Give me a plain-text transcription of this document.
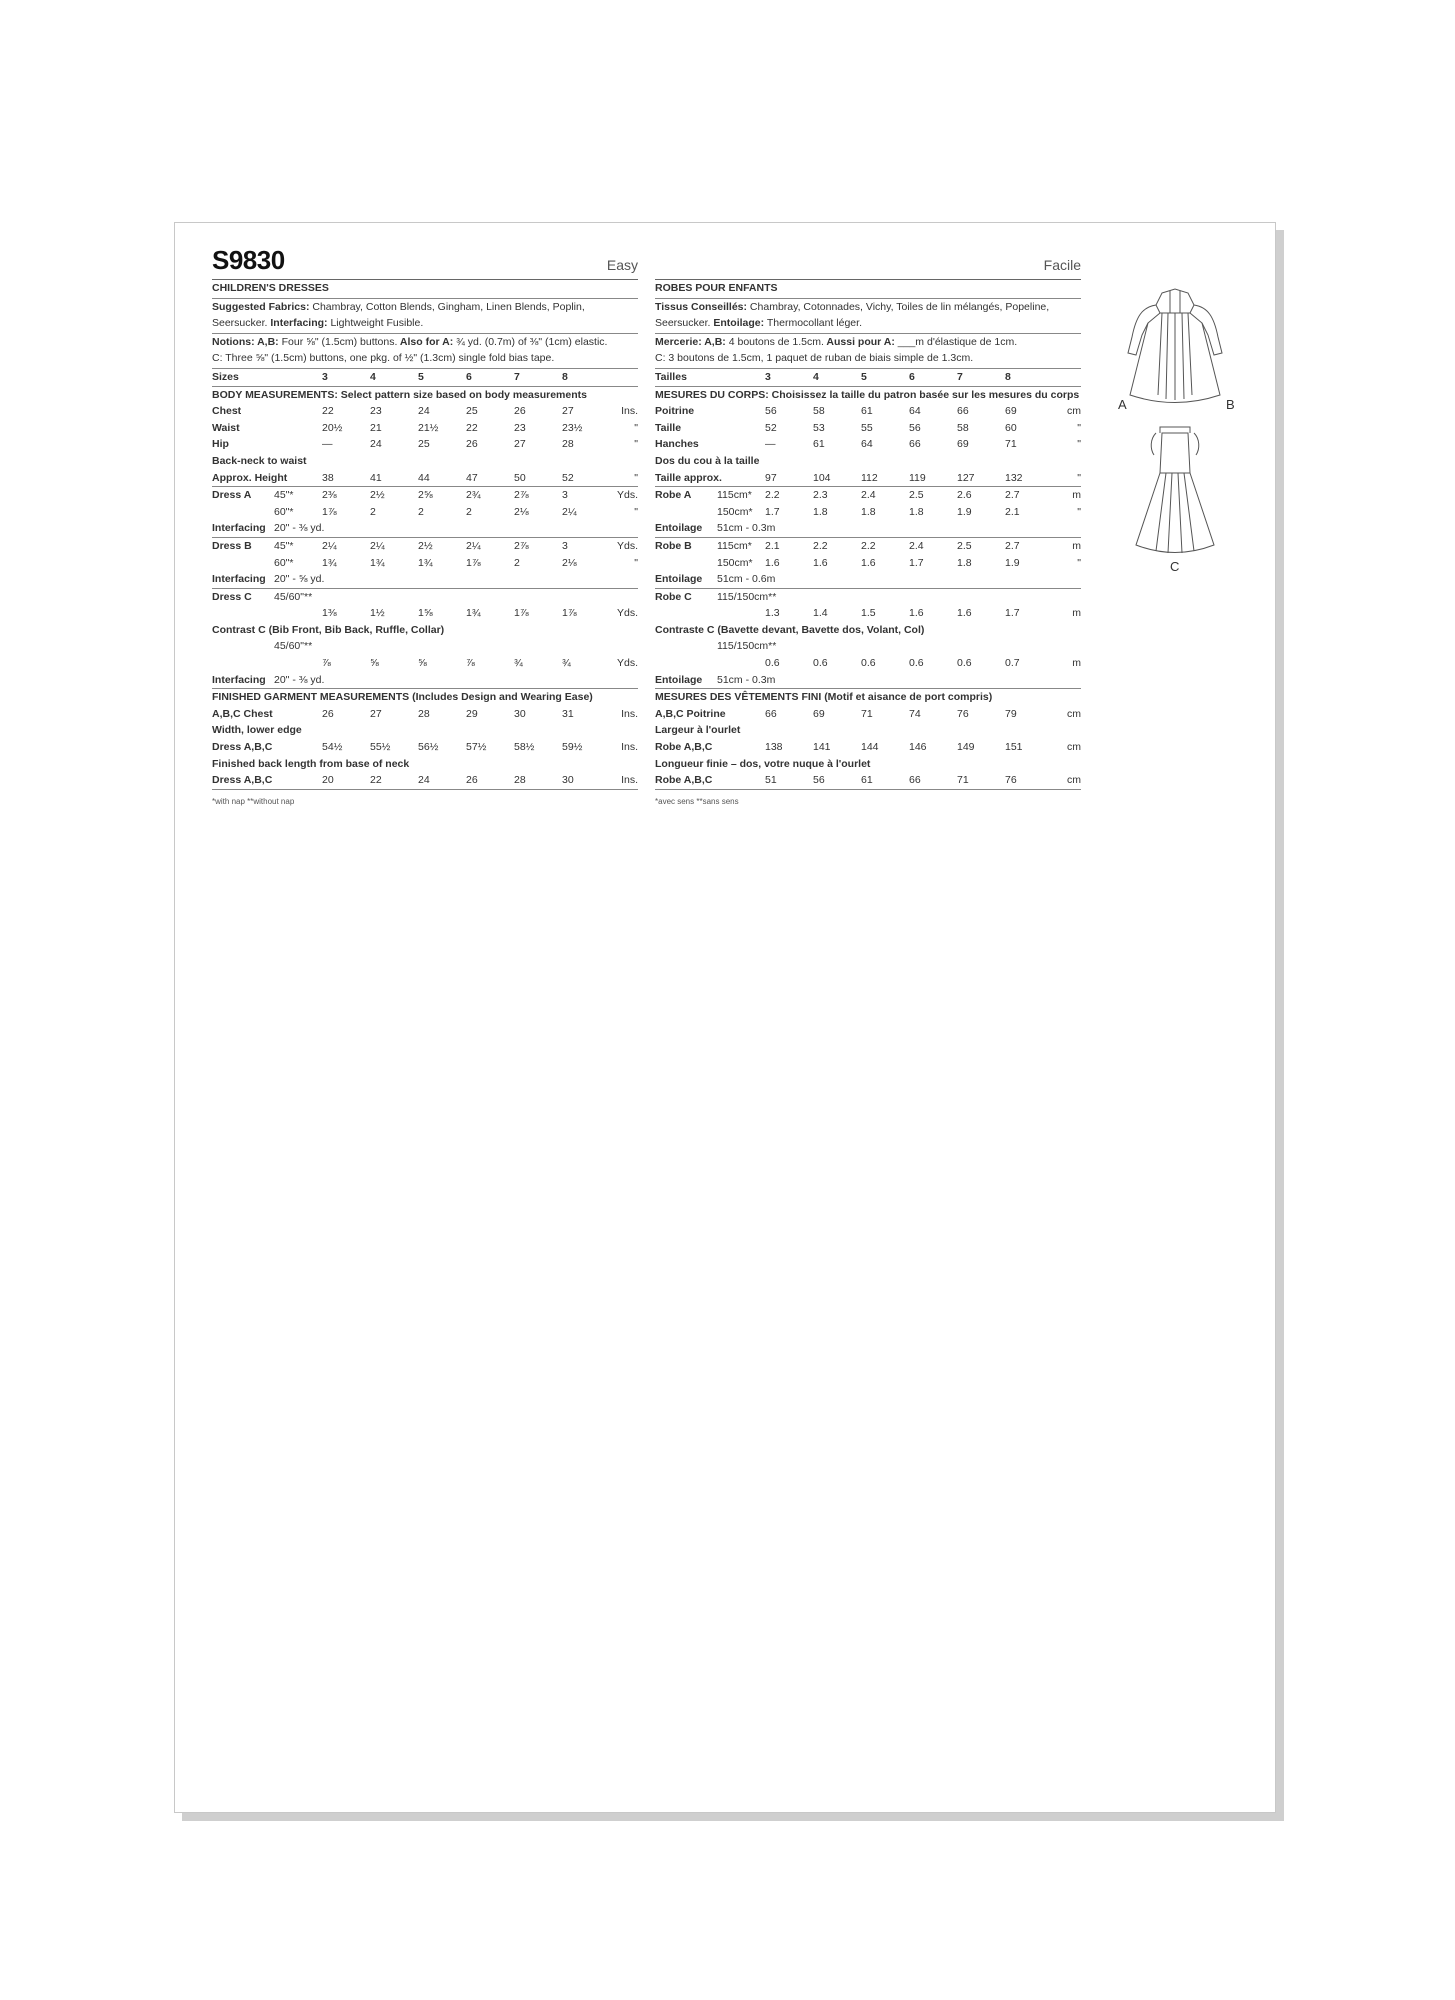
S9830	Easy
CHILDREN'S DRESSES
Suggested Fabrics: Chambray, Cotton Blends, Gingham, Linen Blends, Poplin, Seersucker. Interfacing: Lightweight Fusible.
Notions: A,B: Four ⅝" (1.5cm) buttons. Also for A: ¾ yd. (0.7m) of ⅜" (1cm) elastic.
C: Three ⅝" (1.5cm) buttons, one pkg. of ½" (1.3cm) single fold bias tape.
Sizes		3	4	5	6	7	8	
BODY MEASUREMENTS: Select pattern size based on body measurements
Chest		22	23	24	25	26	27	Ins.
Waist		20½	21	21½	22	23	23½	"
Hip		—	24	25	26	27	28	"
Back-neck to waist								
Approx. Height		38	41	44	47	50	52	"
Dress A	45"*	2⅜	2½	2⅝	2¾	2⅞	3	Yds.
	60"*	1⅞	2	2	2	2⅛	2¼	"
Interfacing	20" - ⅜ yd.							
Dress B	45"*	2¼	2¼	2½	2¼	2⅞	3	Yds.
	60"*	1¾	1¾	1¾	1⅞	2	2⅛	"
Interfacing	20" - ⅝ yd.							
Dress C	45/60"**							
		1⅜	1½	1⅝	1¾	1⅞	1⅞	Yds.
Contrast C (Bib Front, Bib Back, Ruffle, Collar)								
	45/60"**							
		⅞	⅝	⅝	⅞	¾	¾	Yds.
Interfacing	20" - ⅜ yd.							
FINISHED GARMENT MEASUREMENTS (Includes Design and Wearing Ease)
A,B,C Chest		26	27	28	29	30	31	Ins.
Width, lower edge								
Dress A,B,C		54½	55½	56½	57½	58½	59½	Ins.
Finished back length from base of neck								
Dress A,B,C		20	22	24	26	28	30	Ins.
*with nap **without nap
Facile
ROBES POUR ENFANTS
Tissus Conseillés: Chambray, Cotonnades, Vichy, Toiles de lin mélangés, Popeline, Seersucker. Entoilage: Thermocollant léger.
Mercerie: A,B: 4 boutons de 1.5cm. Aussi pour A: ___m d'élastique de 1cm.
C: 3 boutons de 1.5cm, 1 paquet de ruban de biais simple de 1.3cm.
Tailles		3	4	5	6	7	8	
MESURES DU CORPS: Choisissez la taille du patron basée sur les mesures du corps
Poitrine		56	58	61	64	66	69	cm
Taille		52	53	55	56	58	60	"
Hanches		—	61	64	66	69	71	"
Dos du cou à la taille								
Taille approx.		97	104	112	119	127	132	"
Robe A	115cm*	2.2	2.3	2.4	2.5	2.6	2.7	m
	150cm*	1.7	1.8	1.8	1.8	1.9	2.1	"
Entoilage	51cm - 0.3m							
Robe B	115cm*	2.1	2.2	2.2	2.4	2.5	2.7	m
	150cm*	1.6	1.6	1.6	1.7	1.8	1.9	"
Entoilage	51cm - 0.6m							
Robe C	115/150cm**							
		1.3	1.4	1.5	1.6	1.6	1.7	m
Contraste C (Bavette devant, Bavette dos, Volant, Col)								
	115/150cm**							
		0.6	0.6	0.6	0.6	0.6	0.7	m
Entoilage	51cm - 0.3m							
MESURES DES VÊTEMENTS FINI (Motif et aisance de port compris)
A,B,C Poitrine		66	69	71	74	76	79	cm
Largeur à l'ourlet								
Robe A,B,C		138	141	144	146	149	151	cm
Longueur finie – dos, votre nuque à l'ourlet								
Robe A,B,C		51	56	61	66	71	76	cm
*avec sens **sans sens
A	B
C
